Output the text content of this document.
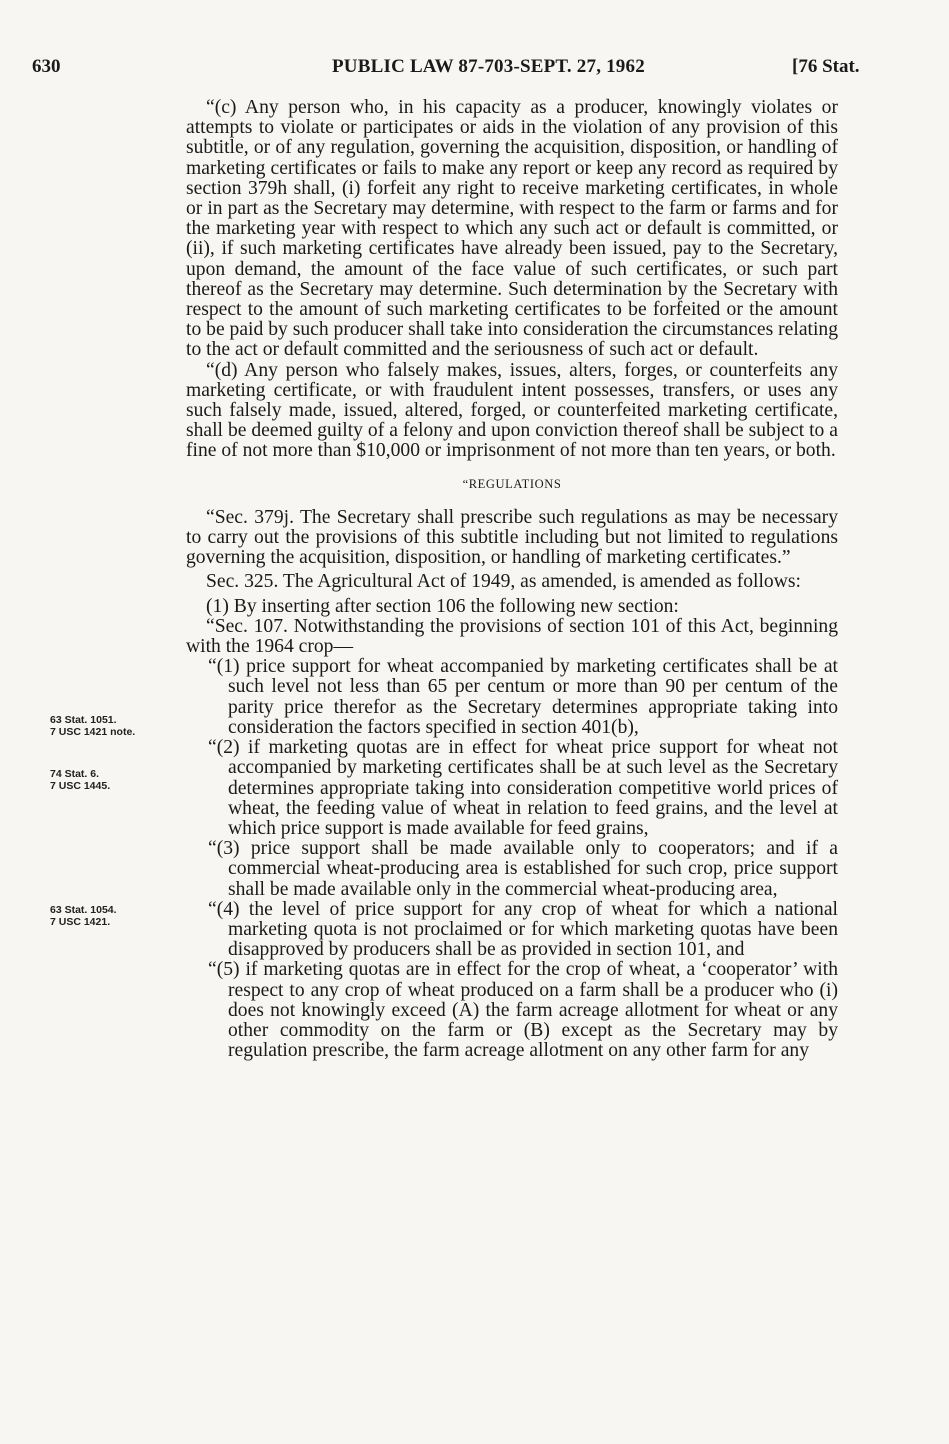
630	PUBLIC LAW 87-703-SEPT. 27, 1962	[76 Stat.
63 Stat. 1051.
7 USC 1421 note.
74 Stat. 6.
7 USC 1445.
63 Stat. 1054.
7 USC 1421.

“(c) Any person who, in his capacity as a producer, knowingly violates or attempts to violate or participates or aids in the violation of any provision of this subtitle, or of any regulation, governing the acquisition, disposition, or handling of marketing certificates or fails to make any report or keep any record as required by section 379h shall, (i) forfeit any right to receive marketing certificates, in whole or in part as the Secretary may determine, with respect to the farm or farms and for the marketing year with respect to which any such act or default is committed, or (ii), if such marketing certificates have already been issued, pay to the Secretary, upon demand, the amount of the face value of such certificates, or such part thereof as the Secretary may determine. Such determination by the Secretary with respect to the amount of such marketing certificates to be forfeited or the amount to be paid by such producer shall take into consideration the circumstances relating to the act or default committed and the seriousness of such act or default.

“(d) Any person who falsely makes, issues, alters, forges, or counterfeits any marketing certificate, or with fraudulent intent possesses, transfers, or uses any such falsely made, issued, altered, forged, or counterfeited marketing certificate, shall be deemed guilty of a felony and upon conviction thereof shall be subject to a fine of not more than $10,000 or imprisonment of not more than ten years, or both.

“REGULATIONS

“Sec. 379j. The Secretary shall prescribe such regulations as may be necessary to carry out the provisions of this subtitle including but not limited to regulations governing the acquisition, disposition, or handling of marketing certificates.”

Sec. 325. The Agricultural Act of 1949, as amended, is amended as follows:

(1) By inserting after section 106 the following new section:

“Sec. 107. Notwithstanding the provisions of section 101 of this Act, beginning with the 1964 crop—

“(1) price support for wheat accompanied by marketing certificates shall be at such level not less than 65 per centum or more than 90 per centum of the parity price therefor as the Secretary determines appropriate taking into consideration the factors specified in section 401(b),

“(2) if marketing quotas are in effect for wheat price support for wheat not accompanied by marketing certificates shall be at such level as the Secretary determines appropriate taking into consideration competitive world prices of wheat, the feeding value of wheat in relation to feed grains, and the level at which price support is made available for feed grains,

“(3) price support shall be made available only to cooperators; and if a commercial wheat-producing area is established for such crop, price support shall be made available only in the commercial wheat-producing area,

“(4) the level of price support for any crop of wheat for which a national marketing quota is not proclaimed or for which marketing quotas have been disapproved by producers shall be as provided in section 101, and

“(5) if marketing quotas are in effect for the crop of wheat, a ‘cooperator’ with respect to any crop of wheat produced on a farm shall be a producer who (i) does not knowingly exceed (A) the farm acreage allotment for wheat or any other commodity on the farm or (B) except as the Secretary may by regulation prescribe, the farm acreage allotment on any other farm for any
